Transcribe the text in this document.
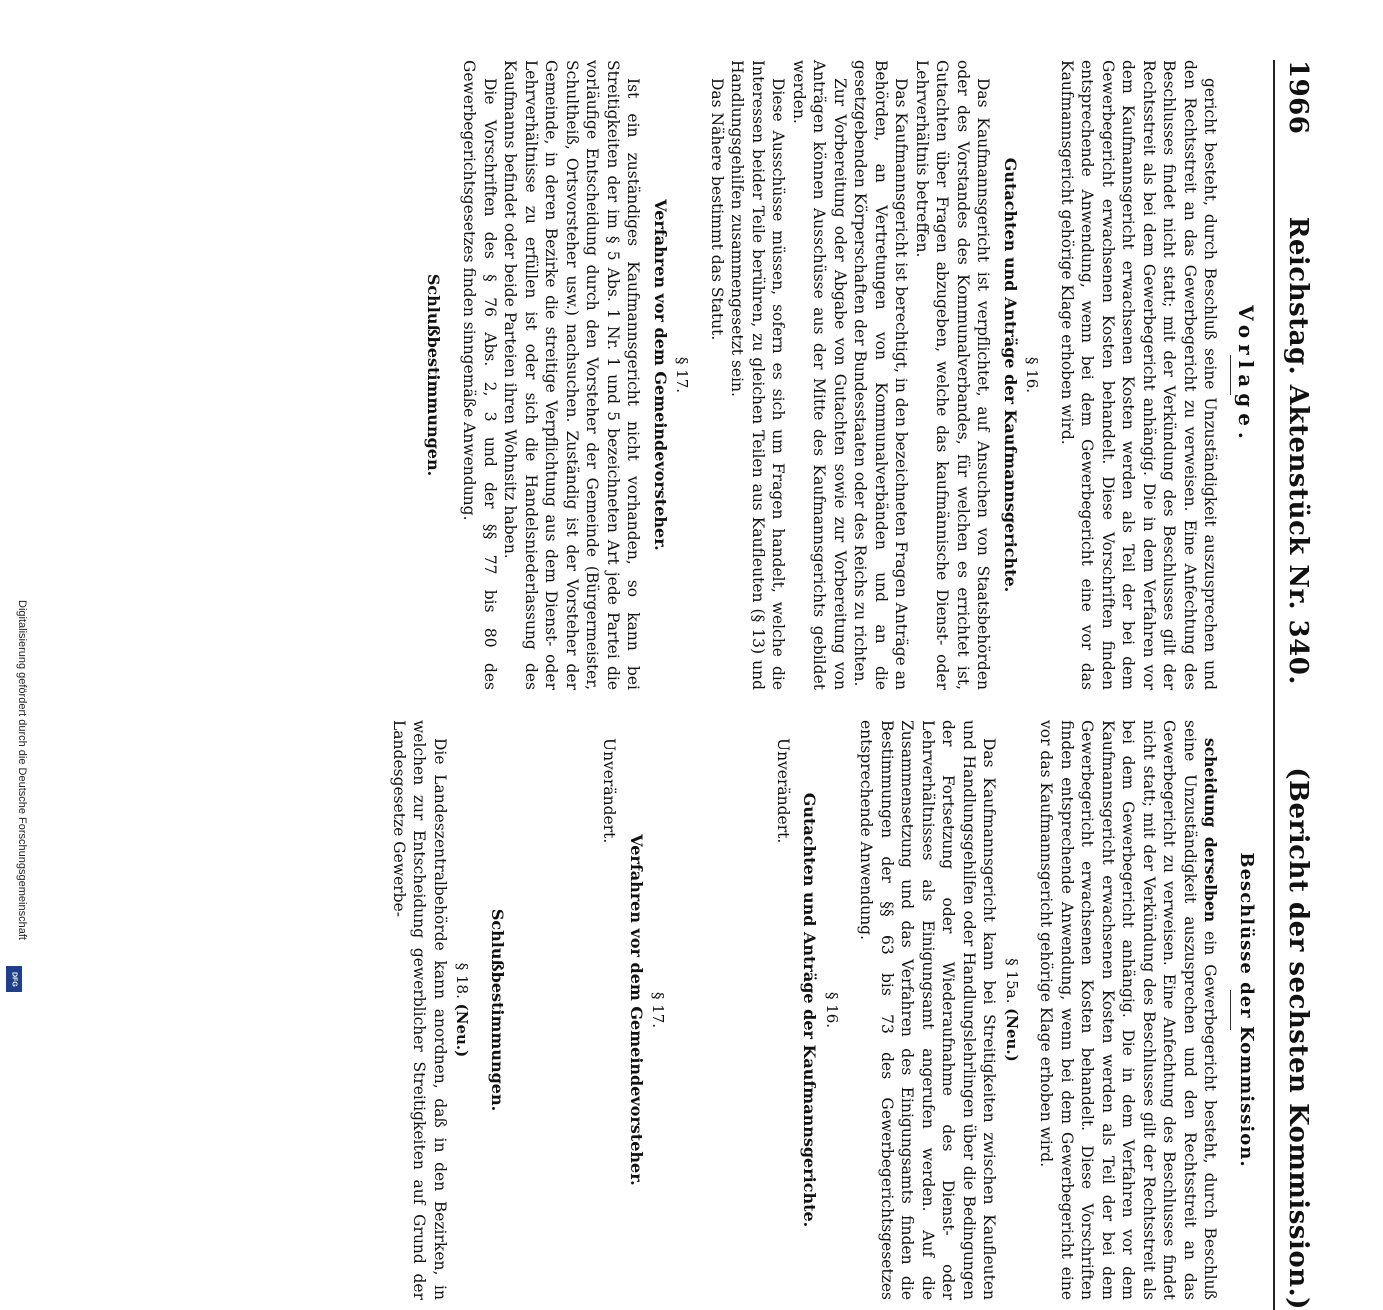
1966
Reichstag. Aktenstück Nr. 340.
(Bericht der sechsten Kommission.)
Vorlage.

gericht besteht, durch Beschluß seine Unzuständigkeit auszusprechen und den Rechtsstreit an das Gewerbegericht zu verweisen. Eine Anfechtung des Beschlusses findet nicht statt; mit der Verkündung des Beschlusses gilt der Rechtsstreit als bei dem Gewerbegericht anhängig. Die in dem Verfahren vor dem Kaufmannsgericht erwachsenen Kosten werden als Teil der bei dem Gewerbegericht erwachsenen Kosten behandelt. Diese Vorschriften finden entsprechende Anwendung, wenn bei dem Gewerbegericht eine vor das Kaufmannsgericht gehörige Klage erhoben wird.

§ 16.
Gutachten und Anträge der Kaufmannsgerichte.

Das Kaufmannsgericht ist verpflichtet, auf Ansuchen von Staatsbehörden oder des Vorstandes des Kommunalverbandes, für welchen es errichtet ist, Gutachten über Fragen abzugeben, welche das kaufmännische Dienst- oder Lehrverhältnis betreffen.

Das Kaufmannsgericht ist berechtigt, in den bezeichneten Fragen Anträge an Behörden, an Vertretungen von Kommunalverbänden und an die gesetzgebenden Körperschaften der Bundesstaaten oder des Reichs zu richten.

Zur Vorbereitung oder Abgabe von Gutachten sowie zur Vorbereitung von Anträgen können Ausschüsse aus der Mitte des Kaufmannsgerichts gebildet werden.

Diese Ausschüsse müssen, sofern es sich um Fragen handelt, welche die Interessen beider Teile berühren, zu gleichen Teilen aus Kaufleuten (§ 13) und Handlungsgehilfen zusammengesetzt sein.

Das Nähere bestimmt das Statut.

§ 17.
Verfahren vor dem Gemeindevorsteher.

Ist ein zuständiges Kaufmannsgericht nicht vorhanden, so kann bei Streitigkeiten der im § 5 Abs. 1 Nr. 1 und 5 bezeichneten Art jede Partei die vorläufige Entscheidung durch den Vorsteher der Gemeinde (Bürgermeister, Schultheiß, Ortsvorsteher usw.) nachsuchen. Zuständig ist der Vorsteher der Gemeinde, in deren Bezirke die streitige Verpflichtung aus dem Dienst- oder Lehrverhältnisse zu erfüllen ist oder sich die Handelsniederlassung des Kaufmanns befindet oder beide Parteien ihren Wohnsitz haben.

Die Vorschriften des § 76 Abs. 2, 3 und der §§ 77 bis 80 des Gewerbegerichtsgesetzes finden sinngemäße Anwendung.

Schlußbestimmungen.
Beschlüsse der Kommission.

scheidung derselben ein Gewerbegericht besteht, durch Beschluß seine Unzuständigkeit auszusprechen und den Rechtsstreit an das Gewerbegericht zu verweisen. Eine Anfechtung des Beschlusses findet nicht statt; mit der Verkündung des Beschlusses gilt der Rechtsstreit als bei dem Gewerbegericht anhängig. Die in dem Verfahren vor dem Kaufmannsgericht erwachsenen Kosten werden als Teil der bei dem Gewerbegericht erwachsenen Kosten behandelt. Diese Vorschriften finden entsprechende Anwendung, wenn bei dem Gewerbegericht eine vor das Kaufmannsgericht gehörige Klage erhoben wird.

§ 15a. (Neu.)

Das Kaufmannsgericht kann bei Streitigkeiten zwischen Kaufleuten und Handlungsgehilfen oder Handlungslehrlingen über die Bedingungen der Fortsetzung oder Wiederaufnahme des Dienst- oder Lehrverhältnisses als Einigungsamt angerufen werden. Auf die Zusammensetzung und das Verfahren des Einigungsamts finden die Bestimmungen der §§ 63 bis 73 des Gewerbegerichtsgesetzes entsprechende Anwendung.

§ 16.
Gutachten und Anträge der Kaufmannsgerichte.

Unverändert.

§ 17.
Verfahren vor dem Gemeindevorsteher.

Unverändert.

Schlußbestimmungen.
§ 18. (Neu.)

Die Landeszentralbehörde kann anordnen, daß in den Bezirken, in welchen zur Entscheidung gewerblicher Streitigkeiten auf Grund der Landesgesetze Gewerbe-

Digitalisierung gefördert durch die Deutsche Forschungsgemeinschaft
DFG
